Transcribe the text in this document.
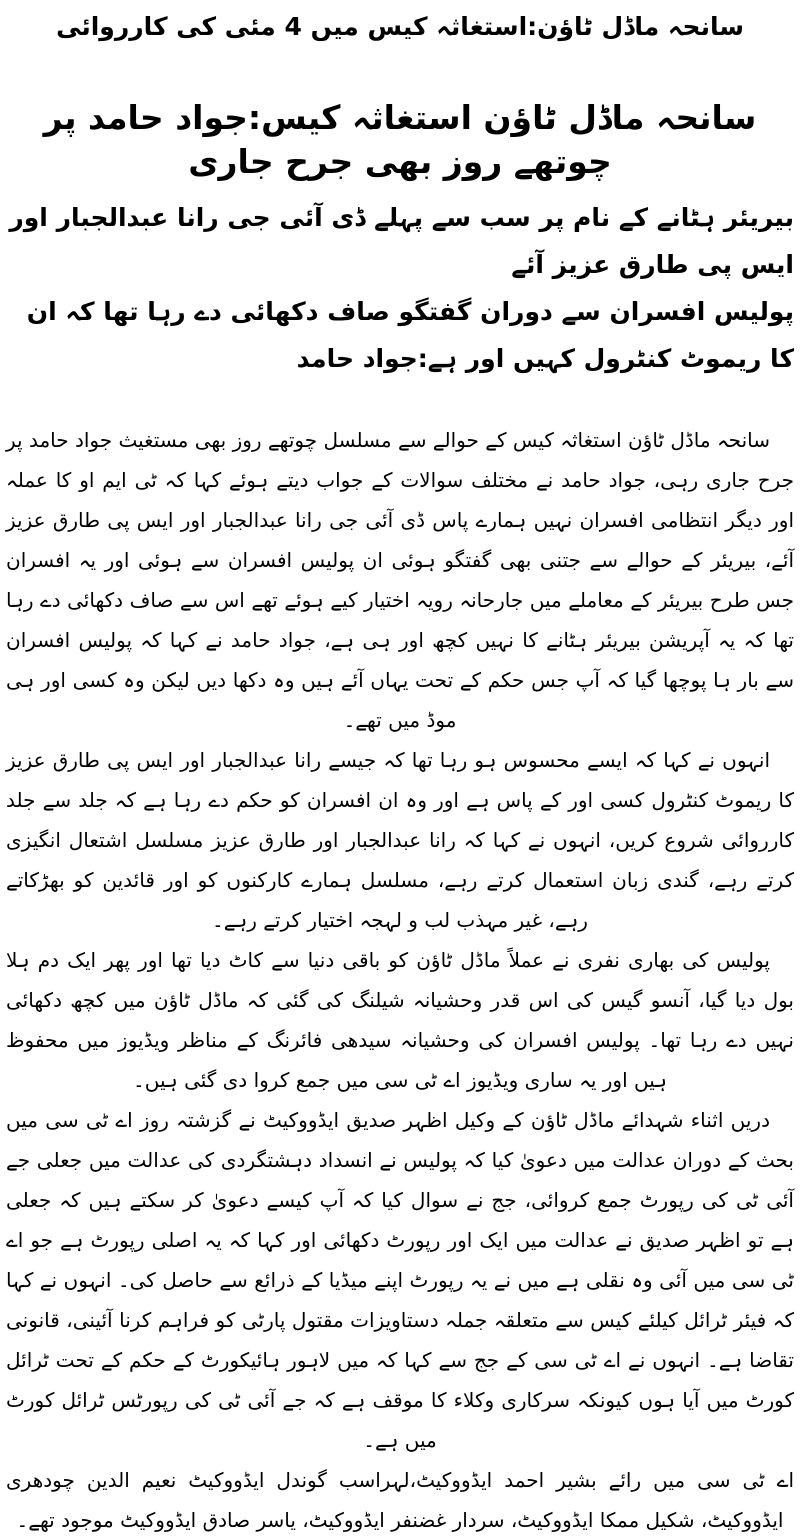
سانحہ ماڈل ٹاؤن:استغاثہ کیس میں 4 مئی کی کارروائی
سانحہ ماڈل ٹاؤن استغاثہ کیس:جواد حامد پر چوتھے روز بھی جرح جاری

بیریئر ہٹانے کے نام پر سب سے پہلے ڈی آئی جی رانا عبدالجبار اور ایس پی طارق عزیز آئے

پولیس افسران سے دوران گفتگو صاف دکھائی دے رہا تھا کہ ان کا ریموٹ کنٹرول کہیں اور ہے:جواد حامد

سانحہ ماڈل ٹاؤن استغاثہ کیس کے حوالے سے مسلسل چوتھے روز بھی مستغیث جواد حامد پر جرح جاری رہی، جواد حامد نے مختلف سوالات کے جواب دیتے ہوئے کہا کہ ٹی ایم او کا عملہ اور دیگر انتظامی افسران نہیں ہمارے پاس ڈی آئی جی رانا عبدالجبار اور ایس پی طارق عزیز آئے، بیریئر کے حوالے سے جتنی بھی گفتگو ہوئی ان پولیس افسران سے ہوئی اور یہ افسران جس طرح بیریئر کے معاملے میں جارحانہ رویہ اختیار کیے ہوئے تھے اس سے صاف دکھائی دے رہا تھا کہ یہ آپریشن بیریئر ہٹانے کا نہیں کچھ اور ہی ہے، جواد حامد نے کہا کہ پولیس افسران سے بار ہا پوچھا گیا کہ آپ جس حکم کے تحت یہاں آئے ہیں وہ دکھا دیں لیکن وہ کسی اور ہی موڈ میں تھے۔

انہوں نے کہا کہ ایسے محسوس ہو رہا تھا کہ جیسے رانا عبدالجبار اور ایس پی طارق عزیز کا ریموٹ کنٹرول کسی اور کے پاس ہے اور وہ ان افسران کو حکم دے رہا ہے کہ جلد سے جلد کارروائی شروع کریں، انہوں نے کہا کہ رانا عبدالجبار اور طارق عزیز مسلسل اشتعال انگیزی کرتے رہے، گندی زبان استعمال کرتے رہے، مسلسل ہمارے کارکنوں کو اور قائدین کو بھڑکاتے رہے، غیر مہذب لب و لہجہ اختیار کرتے رہے۔

پولیس کی بھاری نفری نے عملاً ماڈل ٹاؤن کو باقی دنیا سے کاٹ دیا تھا اور پھر ایک دم ہلا بول دیا گیا، آنسو گیس کی اس قدر وحشیانہ شیلنگ کی گئی کہ ماڈل ٹاؤن میں کچھ دکھائی نہیں دے رہا تھا۔ پولیس افسران کی وحشیانہ سیدھی فائرنگ کے مناظر ویڈیوز میں محفوظ ہیں اور یہ ساری ویڈیوز اے ٹی سی میں جمع کروا دی گئی ہیں۔

دریں اثناء شہدائے ماڈل ٹاؤن کے وکیل اظہر صدیق ایڈووکیٹ نے گزشتہ روز اے ٹی سی میں بحث کے دوران عدالت میں دعویٰ کیا کہ پولیس نے انسداد دہشتگردی کی عدالت میں جعلی جے آئی ٹی کی رپورٹ جمع کروائی، جج نے سوال کیا کہ آپ کیسے دعویٰ کر سکتے ہیں کہ جعلی ہے تو اظہر صدیق نے عدالت میں ایک اور رپورٹ دکھائی اور کہا کہ یہ اصلی رپورٹ ہے جو اے ٹی سی میں آئی وہ نقلی ہے میں نے یہ رپورٹ اپنے میڈیا کے ذرائع سے حاصل کی۔ انہوں نے کہا کہ فیئر ٹرائل کیلئے کیس سے متعلقہ جملہ دستاویزات مقتول پارٹی کو فراہم کرنا آئینی، قانونی تقاضا ہے۔ انہوں نے اے ٹی سی کے جج سے کہا کہ میں لاہور ہائیکورٹ کے حکم کے تحت ٹرائل کورٹ میں آیا ہوں کیونکہ سرکاری وکلاء کا موقف ہے کہ جے آئی ٹی کی رپورٹس ٹرائل کورٹ میں ہے۔

اے ٹی سی میں رائے بشیر احمد ایڈووکیٹ،لہراسب گوندل ایڈووکیٹ نعیم الدین چودھری ایڈووکیٹ، شکیل ممکا ایڈووکیٹ، سردار غضنفر ایڈووکیٹ، یاسر صادق ایڈووکیٹ موجود تھے۔
